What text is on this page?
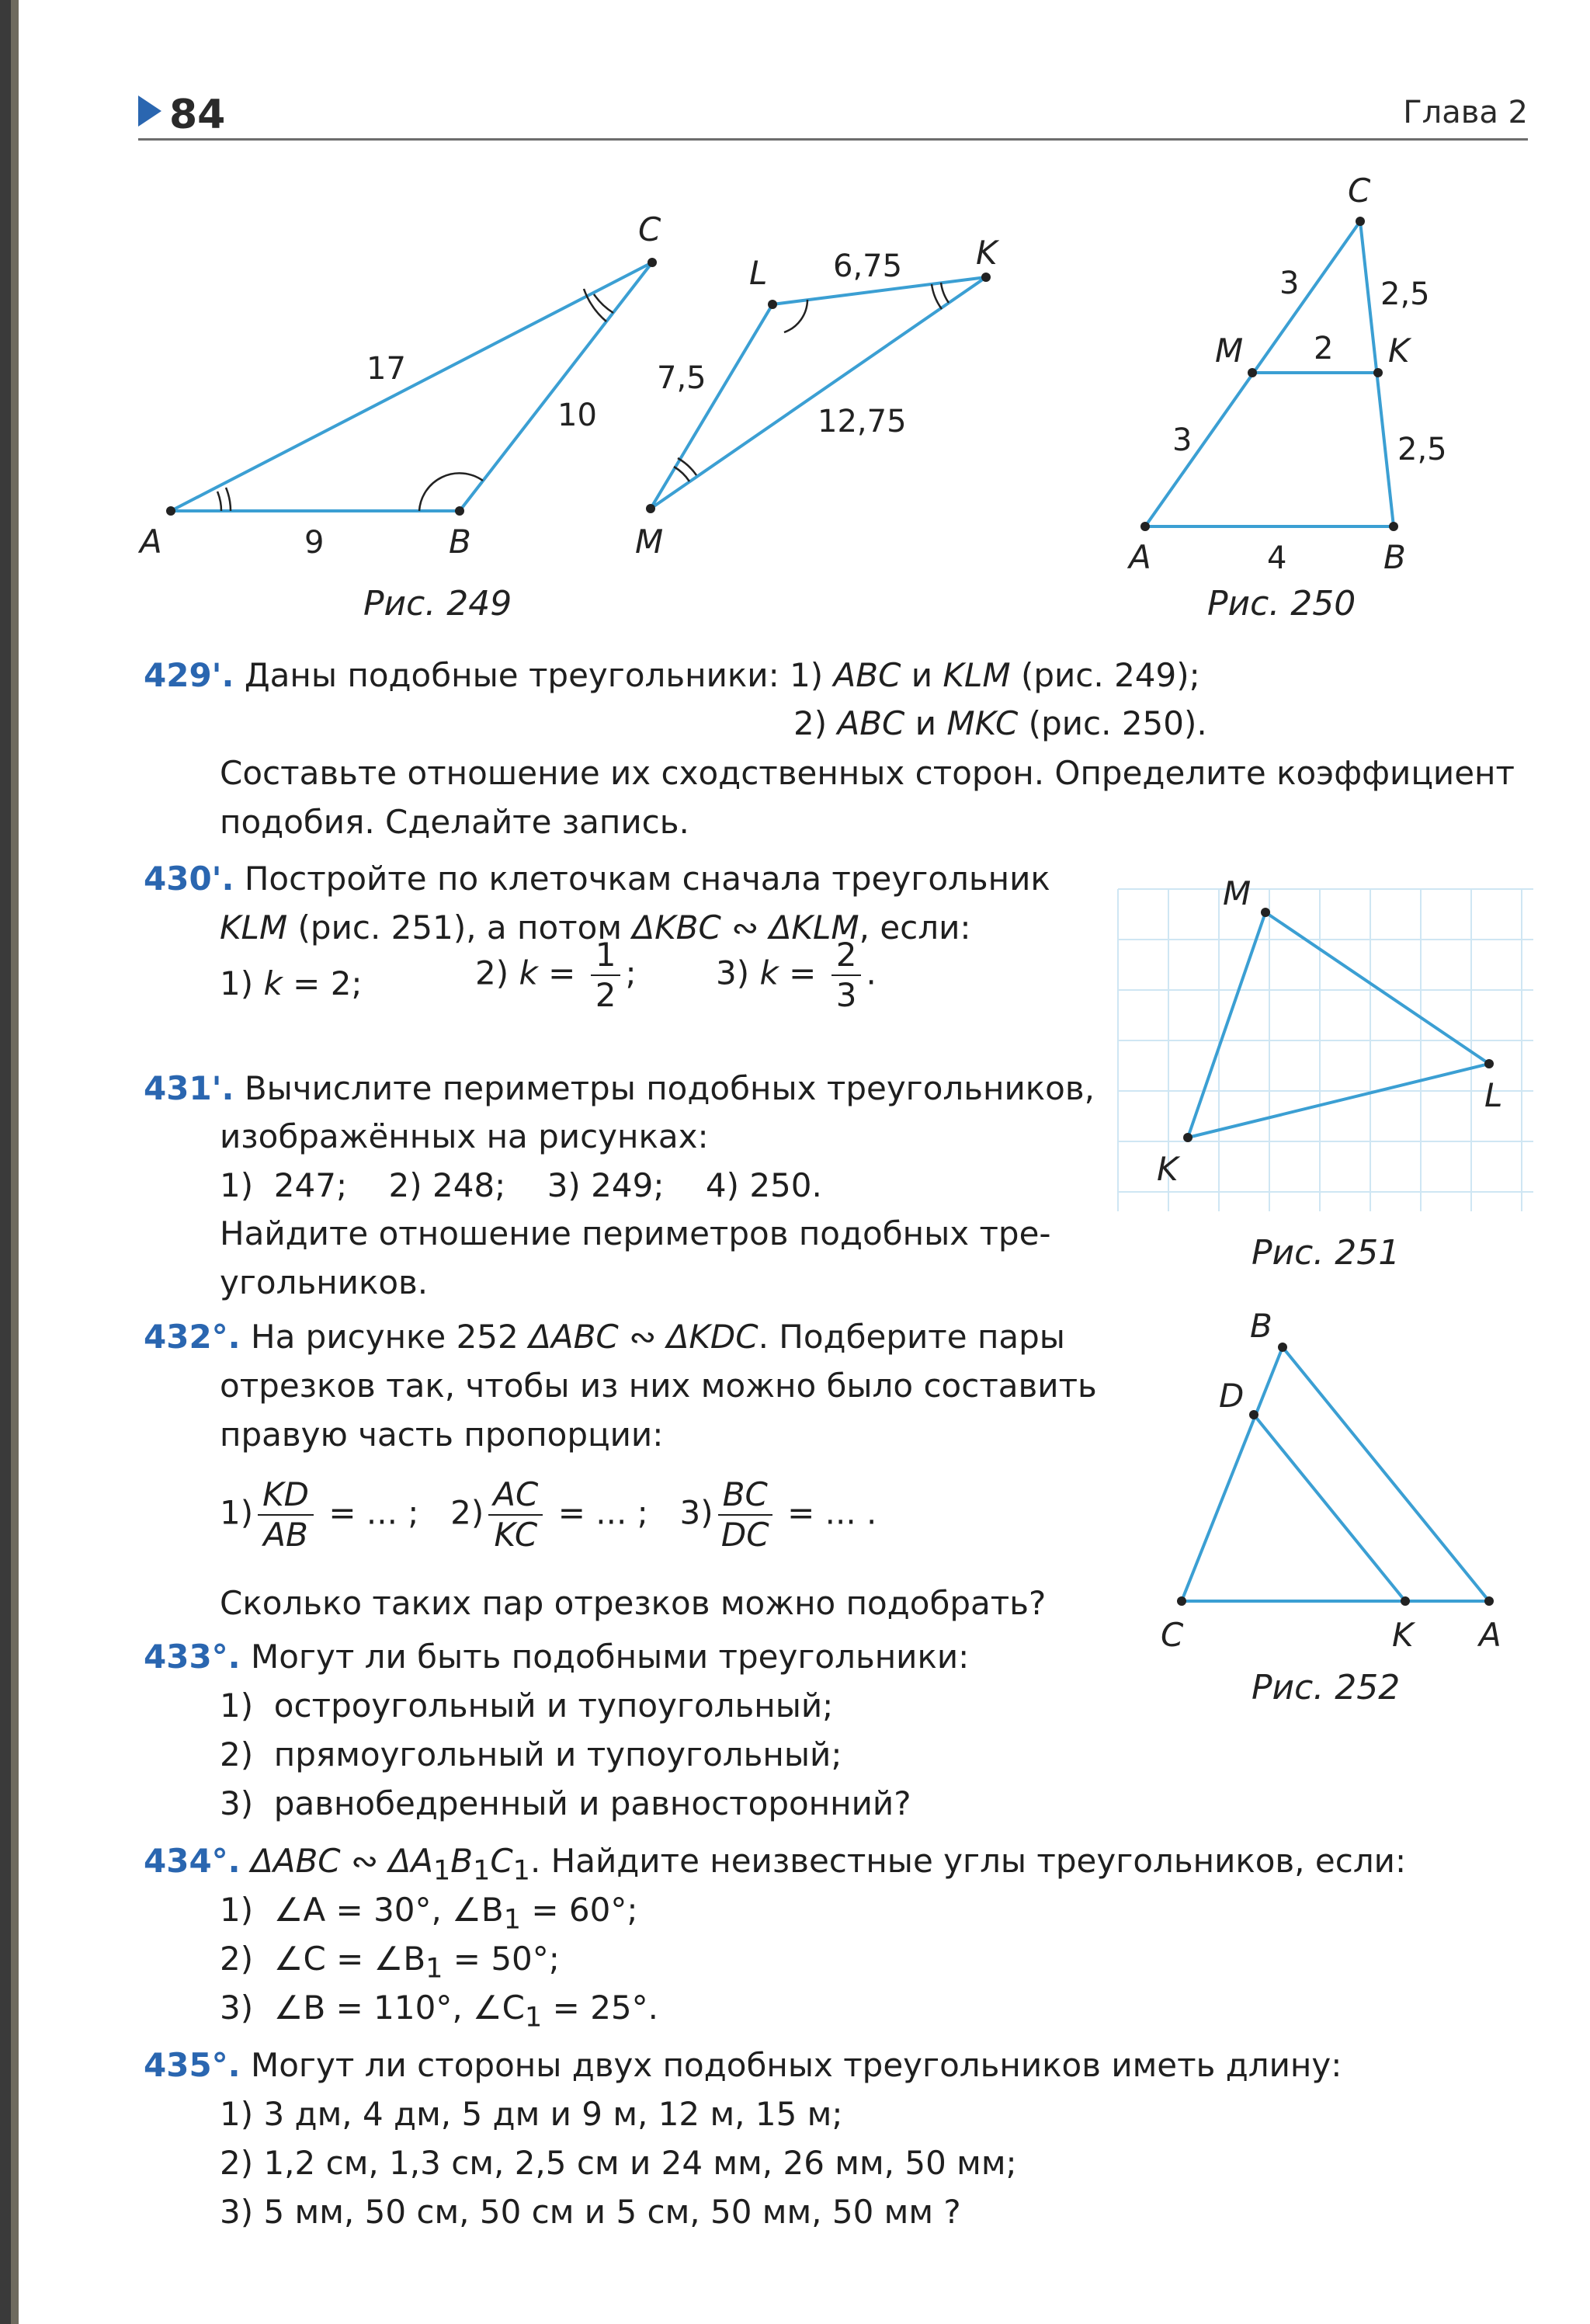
84	Глава 2
A	B
C
9
10
17
L
K
M
6,75
7,5
12,75
Рис. 249
C
M	K
A	B
3	2,5
2
3	2,5
4
Рис. 250
M
L
K
Рис. 251
B
D
C	K A
Рис. 252
429'. Даны подобные треугольники: 1) ABC и KLM (рис. 249);
2) ABC и MKC (рис. 250).
Составьте отношение их сходственных сторон. Определите коэффициент
подобия. Сделайте запись.
430'. Постройте по клеточкам сначала треугольник
KLM (рис. 251), а потом ΔKBC ∾ ΔKLM, если:
1) k = 2;	2) $k = \frac{1}{2}$ ; 3) $k = \frac{2}{3}$ .
431'. Вычислите периметры подобных треугольников,
изображённых на рисунках:
1)  247;    2) 248;    3) 249;    4) 250.
Найдите отношение периметров подобных тре-
угольников.
432°. На рисунке 252 ΔABC ∾ ΔKDC. Подберите пары
отрезков так, чтобы из них можно было составить
правую часть пропорции:
$1) \frac{KD}{AB}$ = ... ; $2) \frac{AC}{KC}$ = ... ; $3) \frac{BC}{DC}$ = ... .
Сколько таких пар отрезков можно подобрать?
433°. Могут ли быть подобными треугольники:
1)  остроугольный и тупоугольный;
2)  прямоугольный и тупоугольный;
3)  равнобедренный и равносторонний?
434°. ΔABC ∾ $\Delta A_1B_1C_1$. Найдите неизвестные углы треугольников, если:
1)  ∠A = 30°, $\angle B_1 = 60^\circ$;
2)  ∠C = $\angle B_1 = 50^\circ$;
3)  ∠B = 110°, $\angle C_1 = 25^\circ$.
435°. Могут ли стороны двух подобных треугольников иметь длину:
1) 3 дм, 4 дм, 5 дм и 9 м, 12 м, 15 м;
2) 1,2 см, 1,3 см, 2,5 см и 24 мм, 26 мм, 50 мм;
3) 5 мм, 50 см, 50 см и 5 см, 50 мм, 50 мм ?
